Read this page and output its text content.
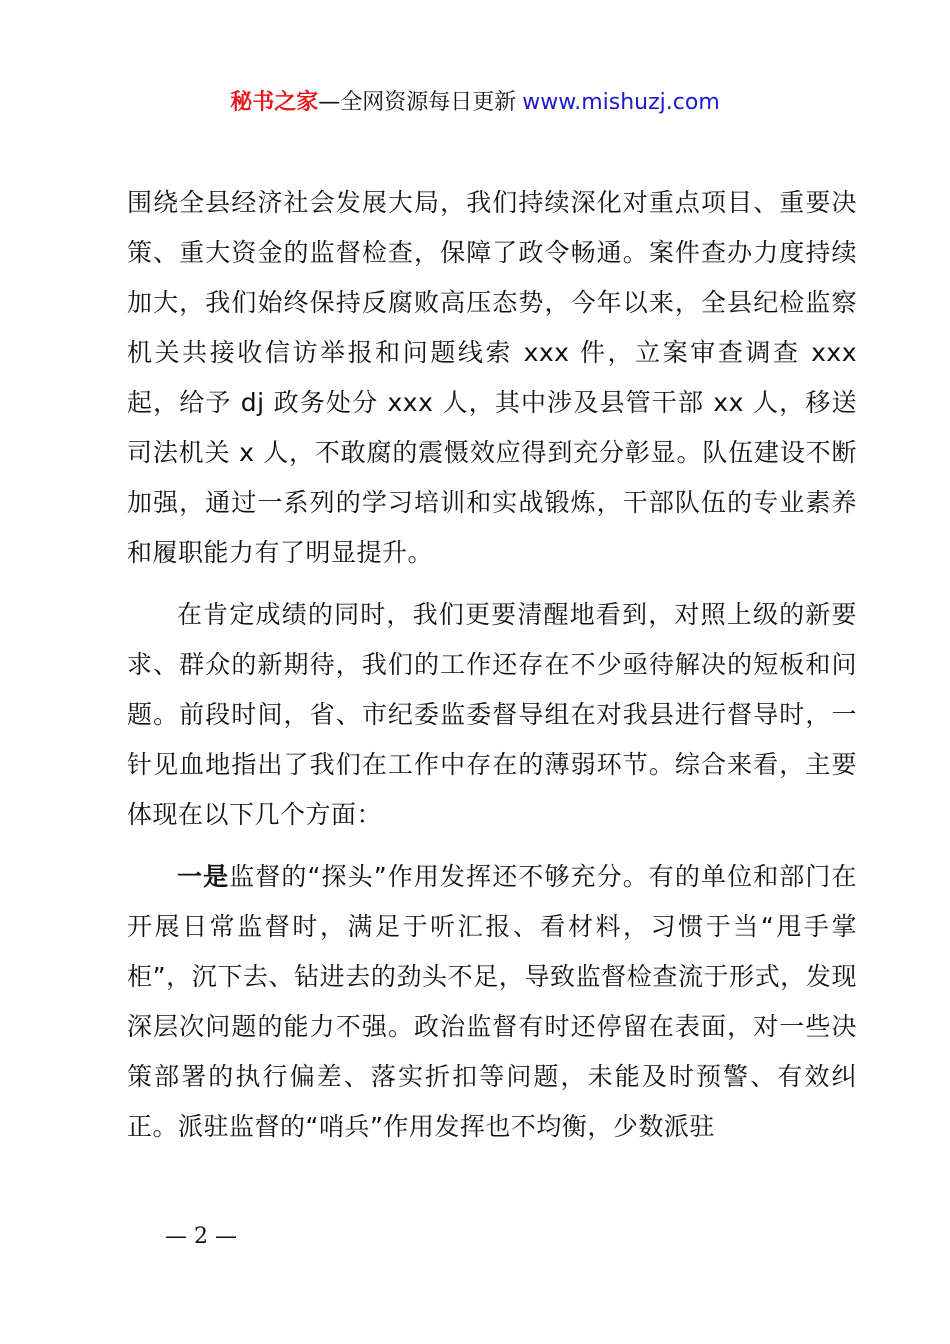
秘书之家—全网资源每日更新 www.mishuzj.com

围绕全县经济社会发展大局，我们持续深化对重点项目、重要决策、重大资金的监督检查，保障了政令畅通。案件查办力度持续加大，我们始终保持反腐败高压态势，今年以来，全县纪检监察机关共接收信访举报和问题线索 xxx 件，立案审查调查 xxx 起，给予 dj 政务处分 xxx 人，其中涉及县管干部 xx 人，移送司法机关 x 人，不敢腐的震慑效应得到充分彰显。队伍建设不断加强，通过一系列的学习培训和实战锻炼，干部队伍的专业素养和履职能力有了明显提升。

在肯定成绩的同时，我们更要清醒地看到，对照上级的新要求、群众的新期待，我们的工作还存在不少亟待解决的短板和问题。前段时间，省、市纪委监委督导组在对我县进行督导时，一针见血地指出了我们在工作中存在的薄弱环节。综合来看，主要体现在以下几个方面：

一是监督的“探头”作用发挥还不够充分。有的单位和部门在开展日常监督时，满足于听汇报、看材料，习惯于当“甩手掌柜”，沉下去、钻进去的劲头不足，导致监督检查流于形式，发现深层次问题的能力不强。政治监督有时还停留在表面，对一些决策部署的执行偏差、落实折扣等问题，未能及时预警、有效纠正。派驻监督的“哨兵”作用发挥也不均衡，少数派驻

— 2 —
